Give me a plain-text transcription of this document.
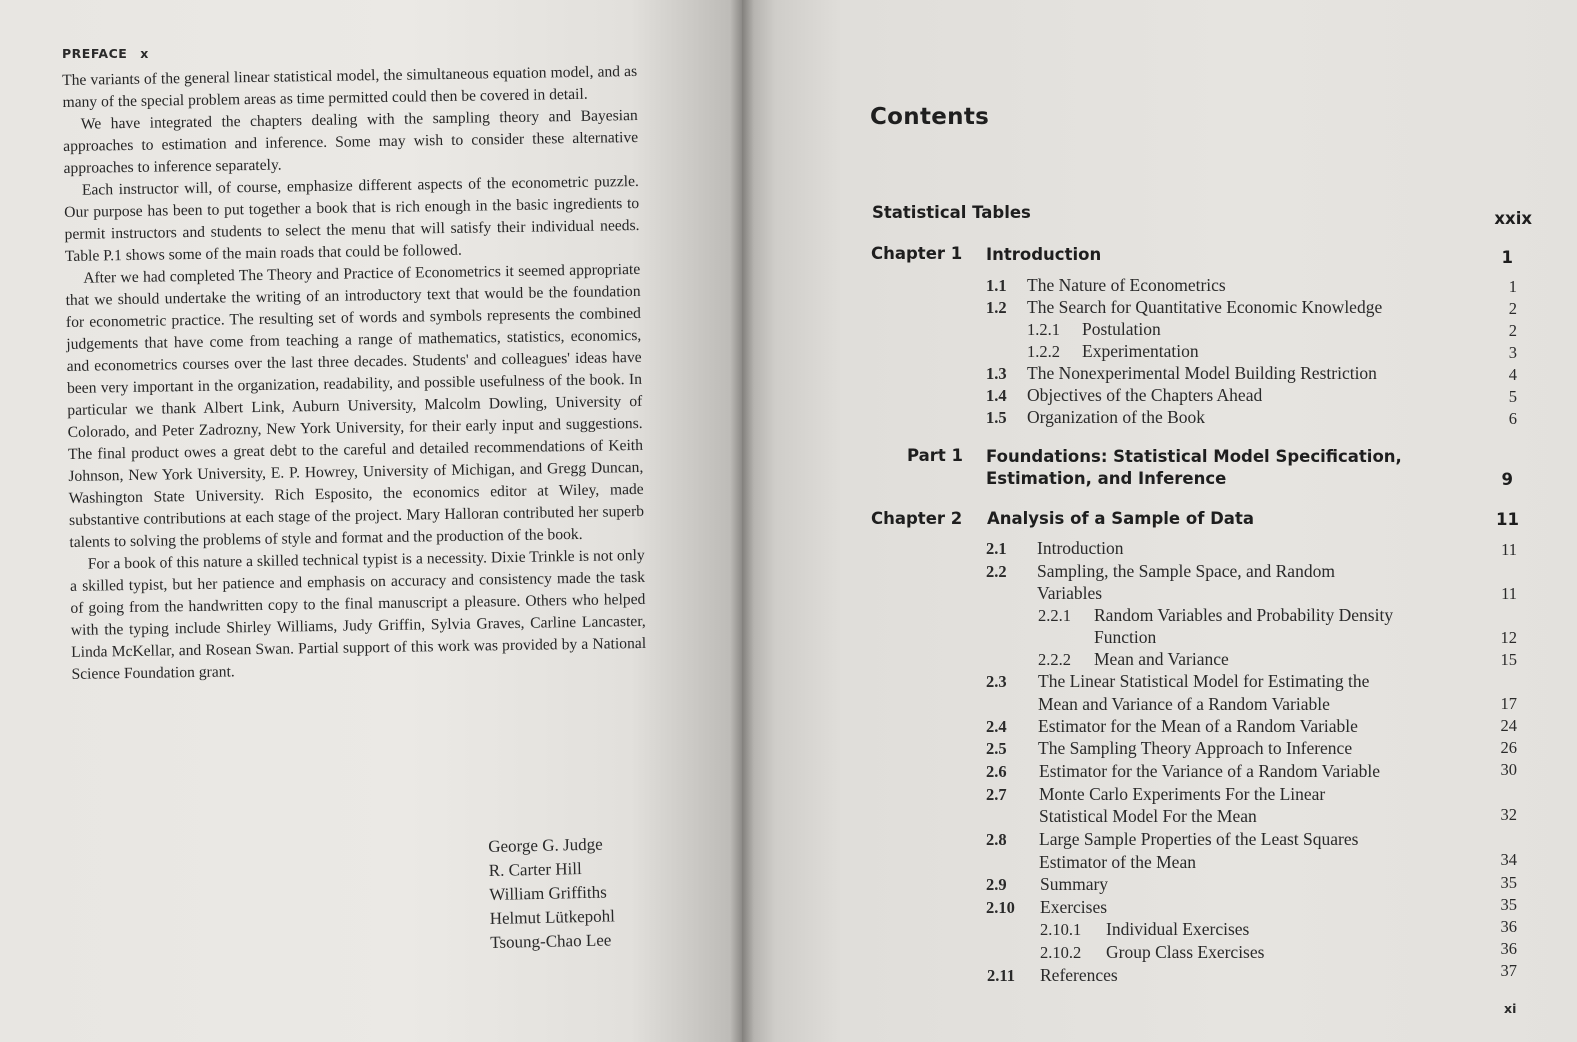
PREFACE x

The variants of the general linear statistical model, the simultaneous equation model, and as many of the special problem areas as time permitted could then be covered in detail.

We have integrated the chapters dealing with the sampling theory and Bayesian approaches to estimation and inference. Some may wish to consider these alternative approaches to inference separately.

Each instructor will, of course, emphasize different aspects of the econometric puzzle. Our purpose has been to put together a book that is rich enough in the basic ingredients to permit instructors and students to select the menu that will satisfy their individual needs. Table P.1 shows some of the main roads that could be followed.

After we had completed The Theory and Practice of Econometrics it seemed appropriate that we should undertake the writing of an introductory text that would be the foundation for econometric practice. The resulting set of words and symbols represents the combined judgements that have come from teaching a range of mathematics, statistics, economics, and econometrics courses over the last three decades. Students' and colleagues' ideas have been very important in the organization, readability, and possible usefulness of the book. In particular we thank Albert Link, Auburn University, Malcolm Dowling, University of Colorado, and Peter Zadrozny, New York University, for their early input and suggestions. The final product owes a great debt to the careful and detailed recommendations of Keith Johnson, New York University, E. P. Howrey, University of Michigan, and Gregg Duncan, Washington State University. Rich Esposito, the economics editor at Wiley, made substantive contributions at each stage of the project. Mary Halloran contributed her superb talents to solving the problems of style and format and the production of the book.

For a book of this nature a skilled technical typist is a necessity. Dixie Trinkle is not only a skilled typist, but her patience and emphasis on accuracy and consistency made the task of going from the handwritten copy to the final manuscript a pleasure. Others who helped with the typing include Shirley Williams, Judy Griffin, Sylvia Graves, Carline Lancaster, Linda McKellar, and Rosean Swan. Partial support of this work was provided by a National Science Foundation grant.

George G. Judge
R. Carter Hill
William Griffiths
Helmut Lütkepohl
Tsoung-Chao Lee
Contents
Statistical Tables	xxix
Chapter 1 Introduction	1
1.1 The Nature of Econometrics	1
1.2 The Search for Quantitative Economic Knowledge	2
1.2.1 Postulation	2
1.2.2 Experimentation	3
1.3 The Nonexperimental Model Building Restriction	4
1.4 Objectives of the Chapters Ahead	5
1.5 Organization of the Book	6
Part 1 Foundations: Statistical Model Specification,
Estimation, and Inference	9
Chapter 2 Analysis of a Sample of Data	11
2.1 Introduction	11
2.2 Sampling, the Sample Space, and Random
Variables	11
2.2.1 Random Variables and Probability Density
Function	12
2.2.2 Mean and Variance	15
2.3 The Linear Statistical Model for Estimating the
Mean and Variance of a Random Variable	17
2.4 Estimator for the Mean of a Random Variable	24
2.5 The Sampling Theory Approach to Inference	26
2.6 Estimator for the Variance of a Random Variable	30
2.7 Monte Carlo Experiments For the Linear
Statistical Model For the Mean	32
2.8 Large Sample Properties of the Least Squares
Estimator of the Mean	34
2.9 Summary	35
2.10 Exercises	35
2.10.1 Individual Exercises	36
2.10.2 Group Class Exercises	36
2.11 References	37
xi
